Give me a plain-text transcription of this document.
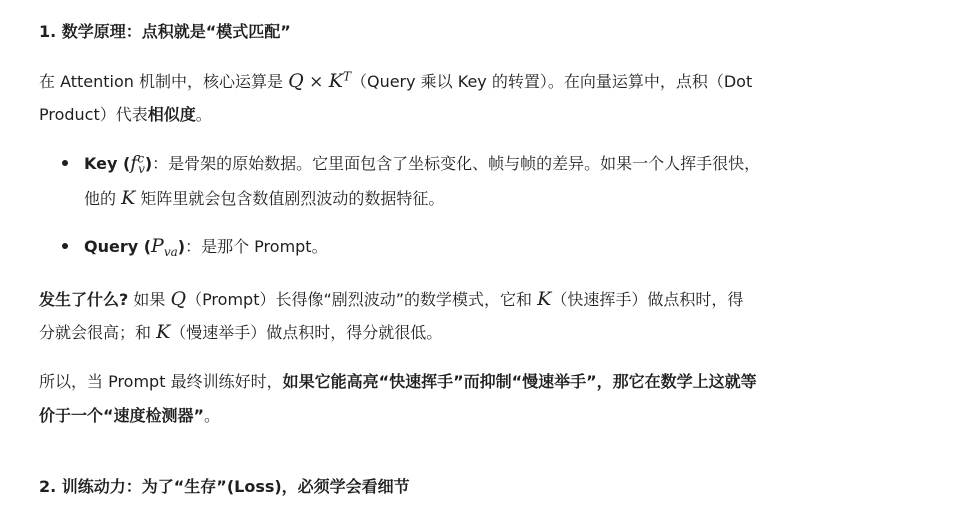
1. 数学原理：点积就是“模式匹配”
在 Attention 机制中，核心运算是 $Q \times K^T(Query$ 乘以 Key 的转置）。在向量运算中，点积（Dot
Product）代表相似度。
Key $(f^c_v)$：是骨架的原始数据。它里面包含了坐标变化、帧与帧的差异。如果一个人挥手很快，
他的 K 矩阵里就会包含数值剧烈波动的数据特征。
Query $(P_{va})$：是那个 Prompt。
发生了什么? 如果 Q（Prompt）长得像“剧烈波动”的数学模式，它和 K（快速挥手）做点积时，得
分就会很高；和 K（慢速举手）做点积时，得分就很低。
所以，当 Prompt 最终训练好时，如果它能高亮“快速挥手”而抑制“慢速举手”，那它在数学上这就等
价于一个“速度检测器”。
2. 训练动力：为了“生存”(Loss)，必须学会看细节
